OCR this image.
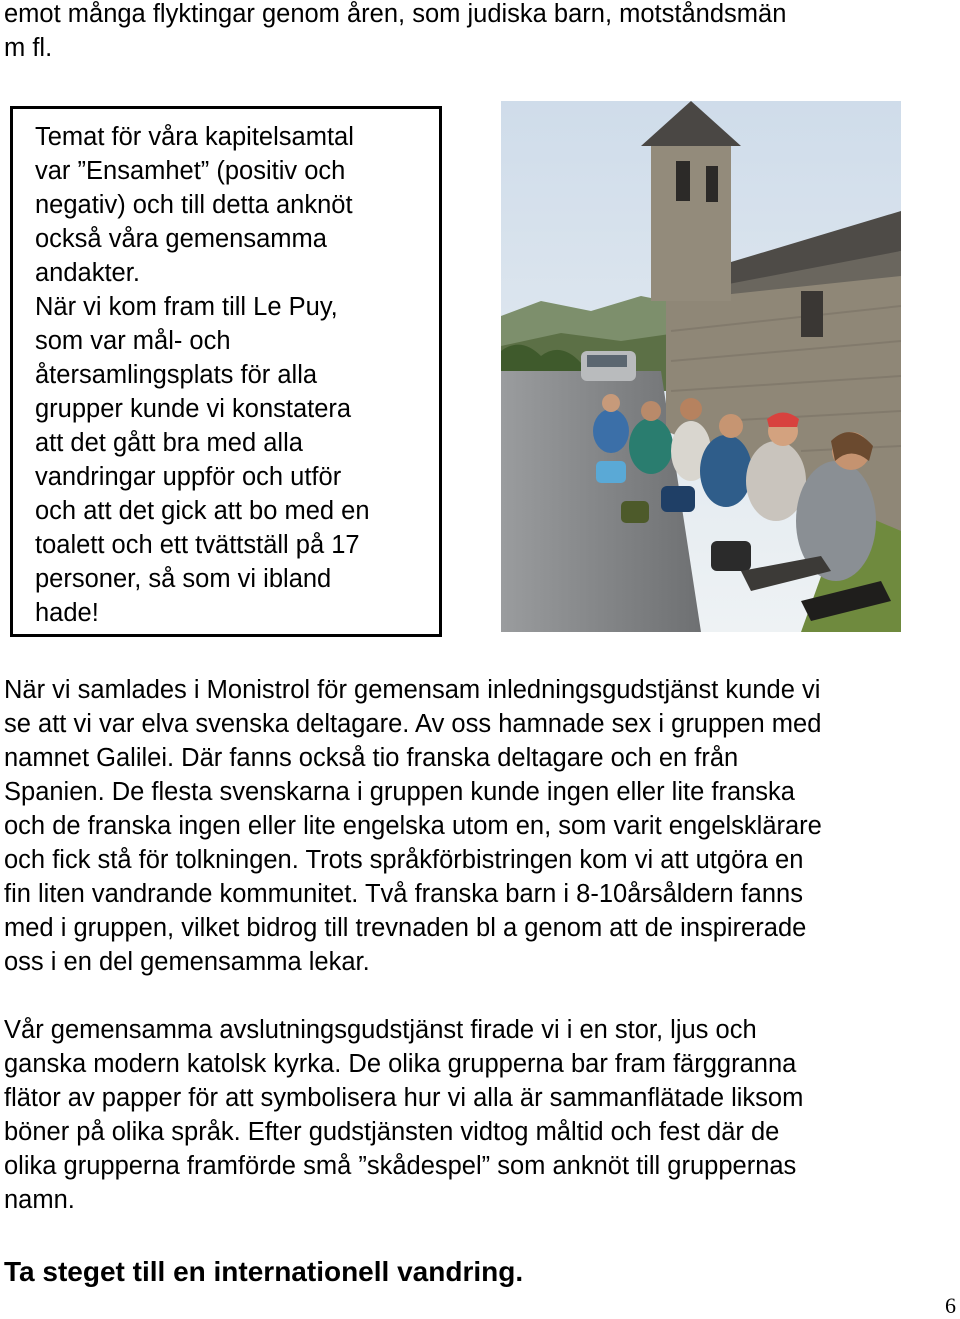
emot många flyktingar genom åren, som judiska barn, motståndsmän
m fl.
Temat för våra kapitelsamtal
var ”Ensamhet” (positiv och
negativ) och till detta anknöt
också våra gemensamma
andakter.
När vi kom fram till Le Puy,
som var mål- och
återsamlingsplats för alla
grupper kunde vi konstatera
att det gått bra med alla
vandringar uppför och utför
och att det gick att bo med en
toalett och ett tvättställ på 17
personer, så som vi ibland
hade!
När vi samlades i Monistrol för gemensam inledningsgudstjänst kunde vi
se att vi var elva svenska deltagare. Av oss hamnade sex i gruppen med
namnet Galilei. Där fanns också tio franska deltagare och en från
Spanien. De flesta svenskarna i gruppen kunde ingen eller lite franska
och de franska ingen eller lite engelska utom en, som varit engelsklärare
och fick stå för tolkningen. Trots språkförbistringen kom vi att utgöra en
fin liten vandrande kommunitet. Två franska barn i 8-10årsåldern fanns
med i gruppen, vilket bidrog till trevnaden bl a genom att de inspirerade
oss i en del gemensamma lekar.
Vår gemensamma avslutningsgudstjänst firade vi i en stor, ljus och
ganska modern katolsk kyrka. De olika grupperna bar fram färggranna
flätor av papper för att symbolisera hur vi alla är sammanflätade liksom
böner på olika språk. Efter gudstjänsten vidtog måltid och fest där de
olika grupperna framförde små ”skådespel” som anknöt till gruppernas
namn.
Ta steget till en internationell vandring.
6
